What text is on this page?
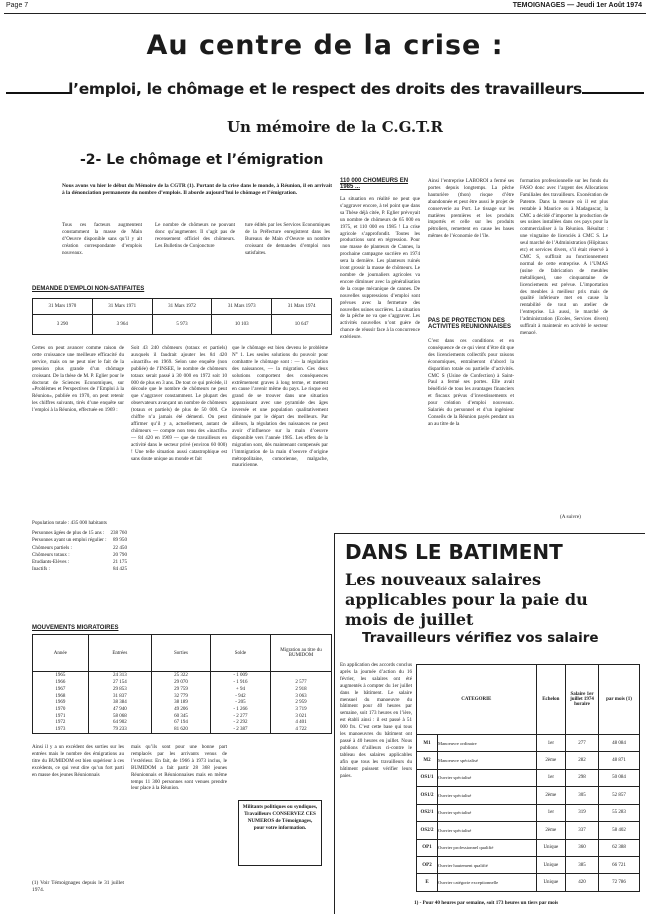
Page 7	TEMOIGNAGES — Jeudi 1er Août 1974
Au centre de la crise :
l’emploi, le chômage et le respect des droits des travailleurs
Un mémoire de la C.G.T.R
-2- Le chômage et l’émigration

Nous avons vu hier le début du Mémoire de la CGTR (1). Portant de la crise dans le monde, à Réunion, il en arrivait à la dénonciation permanente du nombre d’emplois. Il aborde aujourd’hui le chômage et l’émigration.

Tous ces facteurs augmentent constamment la masse de Main d’Oeuvre disponible sans qu’il y ait création correspondante d’emplois nouveaux.

Le nombre de chômeurs ne pouvant donc qu’augmenter. Il s’agit pas de recensement officiel des chômeurs. Les Bulletins de Conjoncture

ture édités par les Services Economiques de la Préfecture enregistrent dans les Bureaux de Main d’Oeuvre un nombre croissant de demandes d’emploi non satisfaites.

DEMANDE D’EMPLOI NON-SATIFAITES
31 Mars 1970	31 Mars 1971	31 Mars 1972	31 Mars 1973	31 Mars 1974
3 290	3 964	5 973	10 103	10 647

Certes on peut avancer comme raison de cette croissance une meilleure efficacité du service, mais on ne peut nier le fait de la pression plus grande d’un chômage croissant. De la thèse de M. P. Eglier pour le doctorat de Sciences Economiques, sur «Problèmes et Perspectives de l’Emploi à la Réunion», publiée en 1970, on peut retenir les chiffres suivants, tirés d’une enquête sur l’emploi à la Réunion, effectuée en 1969 :

Population totale : 435 000 habitants
Personnes âgées de plus de 15 ans : 238 760
Personnes ayant un emploi régulier : 89 950
Chômeurs partiels :	22 450
Chômeurs totaux :	20 790
Etudiants-Elèves :	21 175
Inactifs :	84 425

Soit 43 240 chômeurs (totaux et partiels) auxquels il faudrait ajouter les 84 420 «inactifs» en 1969. Selon une enquête (non publiée) de l’INSEE, le nombre de chômeurs totaux serait passé à 30 000 en 1972 soit 10 000 de plus en 3 ans. De tout ce qui précède, il découle que le nombre de chômeurs ne peut que s’aggraver constamment. Le plupart des observateurs avançant un nombre de chômeurs (totaux et partiels) de plus de 50 000. Ce chiffre n’a jamais été démenti. On peut affirmer qu’il y a, actuellement, autant de chômeurs — compte non tenu des «inactifs» — 84 420 en 1969 — que de travailleurs en activité dans le secteur privé (environ 60 000) ! Une telle situation aussi catastrophique est sans doute unique au monde et fait

que le chômage est bien devenu le problème N° 1. Les seules solutions du pouvoir pour combattre le chômage sont : — la régulation des naissances, — la migration. Ces deux solutions comportent des conséquences extrêmement graves à long terme, et mettent en cause l’avenir même du pays. Le risque est grand de se trouver dans une situation apparaissant avec une pyramide des âges inversée et une population qualitativement diminuée par le départ des meilleurs. Par ailleurs, la régulation des naissances ne peut avoir d’influence sur la main d’oeuvre disponible vers l’année 1985. Les effets de la migration sont, dès maintenant compensés par l’immigration de la main d’oeuvre d’origine métropolitaine, comorienne, malgache, mauricienne.

MOUVEMENTS MIGRATOIRES
Année	Entrées	Sorties	Solde	Migration au titre du BUMIDOM
1965	24 313	25 322	- 1 009	
1966	27 154	29 070	- 1 916	2 577
1967	29 853	29 759	+ 94	2 918
1968	31 837	32 779	- 942	3 063
1969	38 384	38 189	- 205	2 959
1970	47 940	49 206	- 1 266	3 719
1971	58 068	60 345	- 2 277	3 021
1972	64 902	67 194	- 2 292	4 401
1973	79 233	81 620	- 2 387	4 722

Ainsi il y a un excédent des sorties sur les entrées mais le nombre des émigrations au titre du BUMIDOM est bien supérieur à ces excédents, ce qui veut dire qu’un fort parti en masse des jeunes Réunionnais

mais qu’ils sont pour une bonne part remplacés par les arrivants venus de l’extérieur. En fait, de 1966 à 1973 inclus, le BUMIDOM a fait partir 28 368 jeunes Réunionnais et Réunionnaises mais en même temps 11 300 personnes sont venues prendre leur place à la Réunion.

(1) Voir Témoignages depuis le 31 juillet 1974.

Militants politiques ou syndiques, Travailleurs CONSERVEZ CES NUMEROS de Témoignages, pour votre information.

110 000 CHOMEURS EN 1985 ...

La situation en réalité ne peut que s’aggraver encore, à tel point que dans sa Thèse déjà citée, P. Eglier prévoyait un nombre de chômeurs de 65 000 en 1975, et 110 000 en 1985 ! La crise agricole s’approfondit. Toutes les productions sont en régression. Pour une masse de planteurs de Cannes, la prochaine campagne sucrière en 1974 sera la dernière. Les planteurs ruinés iront grossir la masse de chômeurs. Le nombre de journaliers agricoles va encore diminuer avec la généralisation de la coupe mécanique de cannes. De nouvelles suppressions d’emploi sont prévues avec la fermeture des nouvelles usines sucrières. La situation de la pêche ne va que s’aggraver. Les activités nouvelles n’ont guère de chance de réussir face à la concurrence extérieure.

Ainsi l’entreprise LABOROI a fermé ses portes depuis longtemps. La pêche hauturière (thon) risque d’être abandonnée et peut être aussi le projet de conserverie au Port. Le tissage sur les matières premières et les produits importés et celle sur les produits pétroliers, remettent en cause les bases mêmes de l’économie de l’île.

PAS DE PROTECTION DES ACTIVITES REUNIONNAISES

C’est dans ces conditions et en conséquence de ce qui vient d’être dit que des licenciements collectifs pour raisons économiques, entraîneront d’abord la disparition totale ou partielle d’activités. CMC S (Usine de Confection) à Saint-Paul a fermé ses portes. Elle avait bénéficié de tous les avantages financiers et fiscaux prévus d’investissements et pour création d’emploi nouveaux. Salariés du personnel et d’un ingénieur Conseils de la Réunion payés pendant un an au titre de la

formation professionnelle sur les fonds du FASO donc avec l’argent des Allocations Familiales des travailleurs. Exonération de Patente. Dans la mesure où il est plus rentable à Maurice ou à Madagascar, la CMC a décidé d’importer la production de ses usines installées dans ces pays pour la commercialiser à la Réunion. Résultat : une vingtaine de licenciés à CMC S. Le seul marché de l’Administration (Hôpitaux etc) et services divers, s’il était réservé à CMC S, suffirait au fonctionnement normal de cette entreprise. A l’UMAS (usine de fabrication de meubles métalliques), une cinquantaine de licenciements est prévue. L’importation des meubles à meilleur prix mais de qualité inférieure met en cause la rentabilité de tout un atelier de l’entreprise. Là aussi, le marché de l’administration (Ecoles, Services divers) suffirait à maintenir en activité le secteur menacé.

(A suivre)
DANS LE BATIMENT
Les nouveaux salaires applicables pour la paie du mois de juillet
Travailleurs vérifiez vos salaire

En application des accords conclus après la journée d’action du 16 février, les salaires ont été augmentés à compter du 1er juillet dans le bâtiment. Le salaire mensuel du manoeuvre du bâtiment pour 40 heures par semaine, soit 173 heures en l’ière, est établi ainsi : il est passé à 51 000 frs. C’est cette base qui tous les manoeuvres du bâtiment ont passé à 40 heures en juillet. Nous publions d’ailleurs ci-contre le tableau des salaires applicables afin que tous les travailleurs du bâtiment puissent vérifier leurs paies.

CATEGORIE		Echelon	Salaire 1er juillet 1974 horaire	par mois (1)
M1	Manoeuvre ordinaire	1er	277	48 084
M2	Manoeuvre spécialisé	2ème	282	48 871
OS1/1	Ouvrier spécialisé	1er	298	50 084
OS1/2	Ouvrier spécialisé	2ème	305	52 857
OS2/1	Ouvrier spécialisé	1er	319	55 283
OS2/2	Ouvrier spécialisé	2ème	337	58 402
OP1	Ouvrier professionnel qualifié	Unique	360	62 388
OP2	Ouvrier hautement qualifié	Unique	385	66 721
E	Ouvrier catégorie exceptionnelle	Unique	420	72 786

1) - Pour 40 heures par semaine, soit 173 heures un tiers par mois
